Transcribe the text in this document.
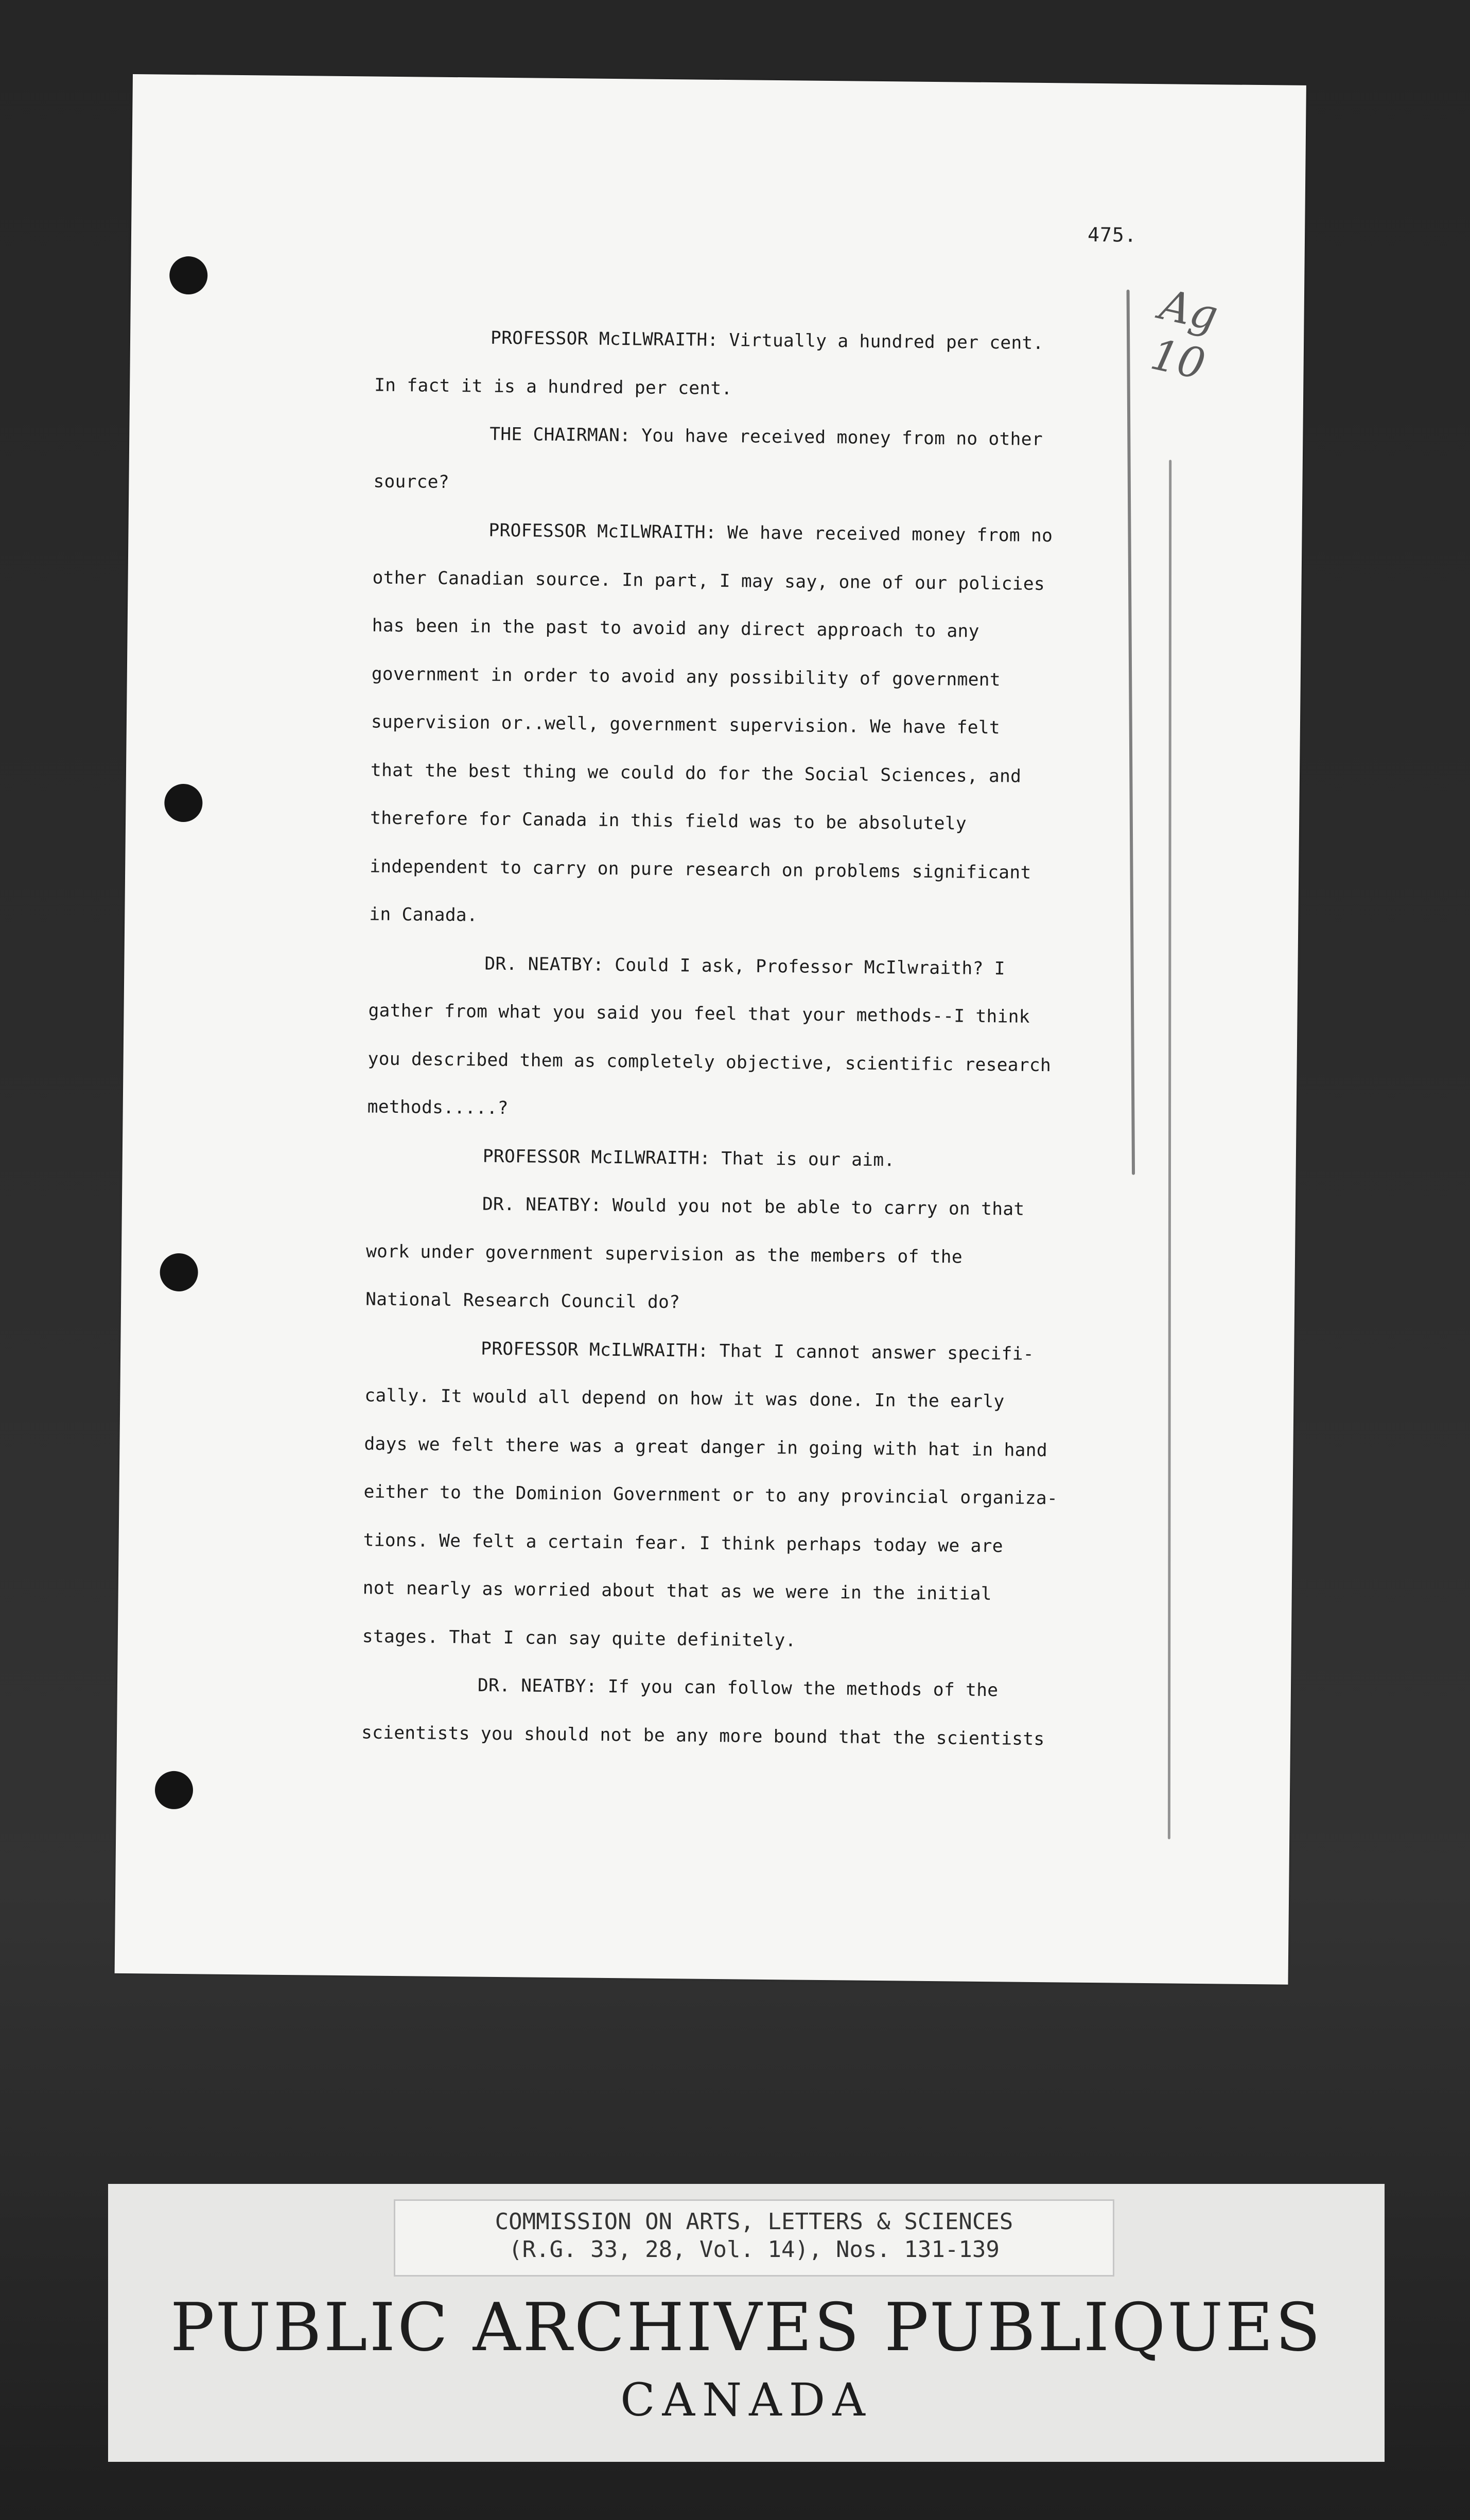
475.
Ag
10
PROFESSOR McILWRAITH: Virtually a hundred per cent.
In fact it is a hundred per cent.
THE CHAIRMAN: You have received money from no other
source?
PROFESSOR McILWRAITH: We have received money from no
other Canadian source. In part, I may say, one of our policies
has been in the past to avoid any direct approach to any
government in order to avoid any possibility of government
supervision or..well, government supervision. We have felt
that the best thing we could do for the Social Sciences, and
therefore for Canada in this field was to be absolutely
independent to carry on pure research on problems significant
in Canada.
DR. NEATBY: Could I ask, Professor McIlwraith? I
gather from what you said you feel that your methods--I think
you described them as completely objective, scientific research
methods.....?
PROFESSOR McILWRAITH: That is our aim.
DR. NEATBY: Would you not be able to carry on that
work under government supervision as the members of the
National Research Council do?
PROFESSOR McILWRAITH: That I cannot answer specifi-
cally. It would all depend on how it was done. In the early
days we felt there was a great danger in going with hat in hand
either to the Dominion Government or to any provincial organiza-
tions. We felt a certain fear. I think perhaps today we are
not nearly as worried about that as we were in the initial
stages. That I can say quite definitely.
DR. NEATBY: If you can follow the methods of the
scientists you should not be any more bound that the scientists
COMMISSION ON ARTS, LETTERS & SCIENCES
(R.G. 33, 28, Vol. 14), Nos. 131-139
PUBLIC ARCHIVES PUBLIQUES
CANADA
